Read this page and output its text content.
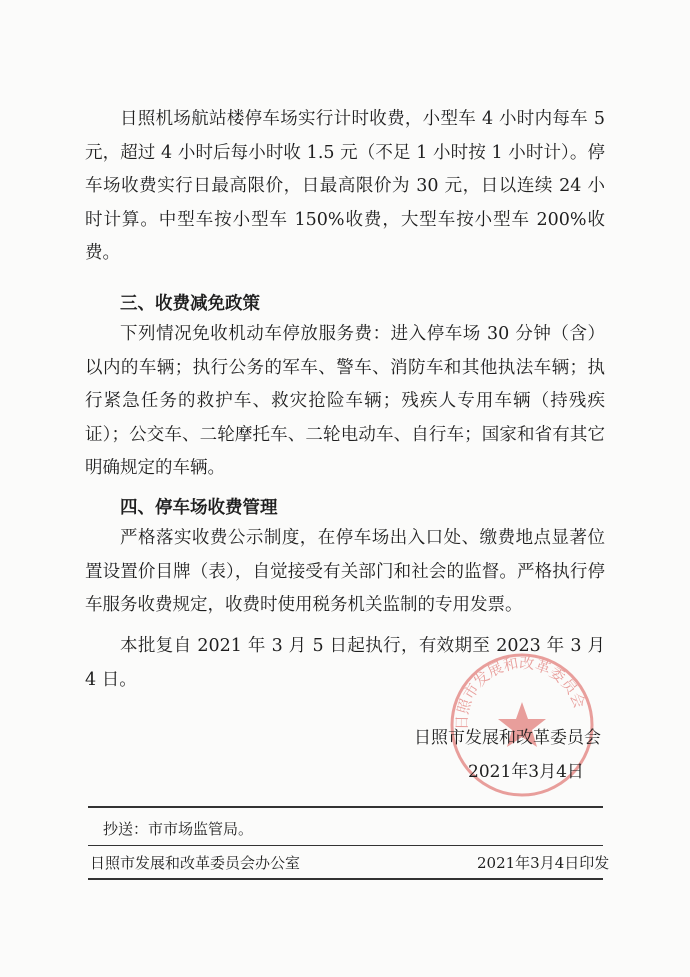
日照机场航站楼停车场实行计时收费，小型车 4 小时内每车 5 元，超过 4 小时后每小时收 1.5 元（不足 1 小时按 1 小时计）。停车场收费实行日最高限价，日最高限价为 30 元，日以连续 24 小时计算。中型车按小型车 150%收费，大型车按小型车 200%收费。

三、收费减免政策

下列情况免收机动车停放服务费：进入停车场 30 分钟（含）以内的车辆；执行公务的军车、警车、消防车和其他执法车辆；执行紧急任务的救护车、救灾抢险车辆；残疾人专用车辆（持残疾证）；公交车、二轮摩托车、二轮电动车、自行车；国家和省有其它明确规定的车辆。

四、停车场收费管理

严格落实收费公示制度，在停车场出入口处、缴费地点显著位置设置价目牌（表），自觉接受有关部门和社会的监督。严格执行停车服务收费规定，收费时使用税务机关监制的专用发票。

本批复自 2021 年 3 月 5 日起执行，有效期至 2023 年 3 月 4 日。

日照市发展和改革委员会
日照市发展和改革委员会
2021年3月4日
抄送：市市场监管局。
日照市发展和改革委员会办公室	2021年3月4日印发
